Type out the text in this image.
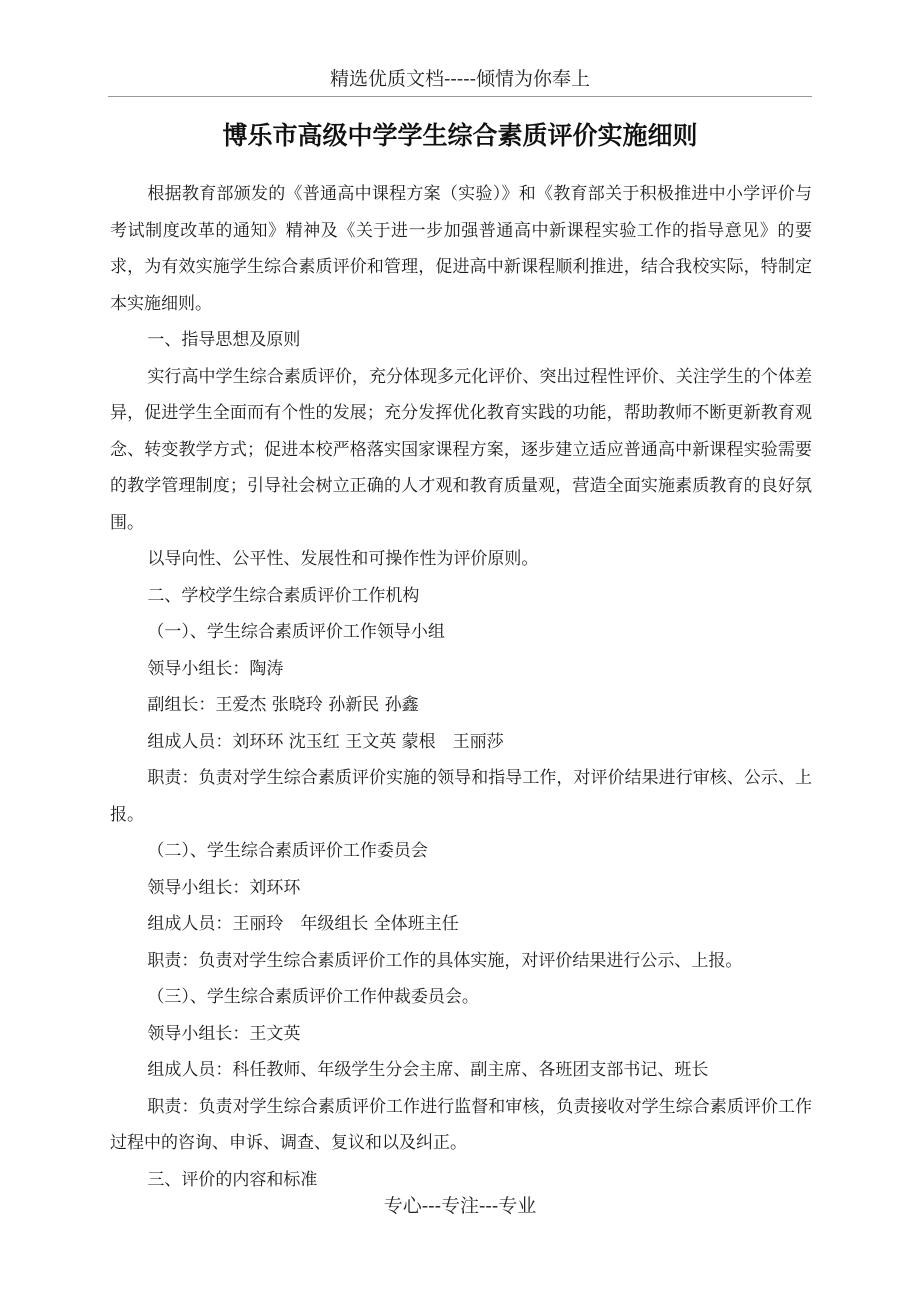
精选优质文档-----倾情为你奉上
博乐市高级中学学生综合素质评价实施细则

根据教育部颁发的《普通高中课程方案（实验）》和《教育部关于积极推进中小学评价与考试制度改革的通知》精神及《关于进一步加强普通高中新课程实验工作的指导意见》的要求，为有效实施学生综合素质评价和管理，促进高中新课程顺利推进，结合我校实际，特制定本实施细则。

一、指导思想及原则

实行高中学生综合素质评价，充分体现多元化评价、突出过程性评价、关注学生的个体差异，促进学生全面而有个性的发展；充分发挥优化教育实践的功能，帮助教师不断更新教育观念、转变教学方式；促进本校严格落实国家课程方案，逐步建立适应普通高中新课程实验需要的教学管理制度；引导社会树立正确的人才观和教育质量观，营造全面实施素质教育的良好氛围。

以导向性、公平性、发展性和可操作性为评价原则。

二、学校学生综合素质评价工作机构

（一）、学生综合素质评价工作领导小组

领导小组长：陶涛

副组长：王爱杰 张晓玲 孙新民 孙鑫

组成人员：刘环环 沈玉红 王文英 蒙根　王丽莎

职责：负责对学生综合素质评价实施的领导和指导工作，对评价结果进行审核、公示、上报。

（二）、学生综合素质评价工作委员会

领导小组长：刘环环

组成人员：王丽玲　年级组长 全体班主任

职责：负责对学生综合素质评价工作的具体实施，对评价结果进行公示、上报。

（三）、学生综合素质评价工作仲裁委员会。

领导小组长：王文英

组成人员：科任教师、年级学生分会主席、副主席、各班团支部书记、班长

职责：负责对学生综合素质评价工作进行监督和审核，负责接收对学生综合素质评价工作过程中的咨询、申诉、调查、复议和以及纠正。

三、评价的内容和标准

专心---专注---专业
